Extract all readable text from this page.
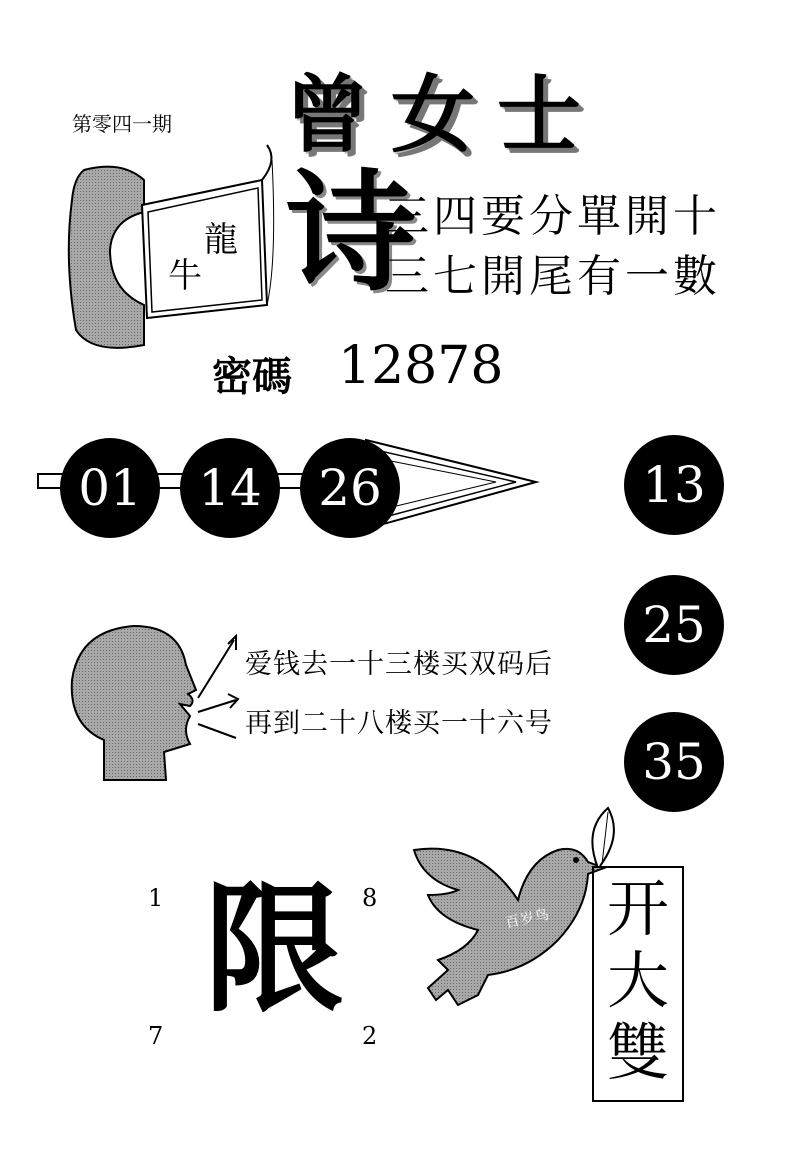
第零四一期 曾女士
龍
牛 诗
三四要分單開十
三七開尾有一數
密碼 12878
01	14	26	13
25
35
爱钱去一十三楼买双码后
再到二十八楼买一十六号
1	8
7	2
限	百岁鸟 开
大
雙
